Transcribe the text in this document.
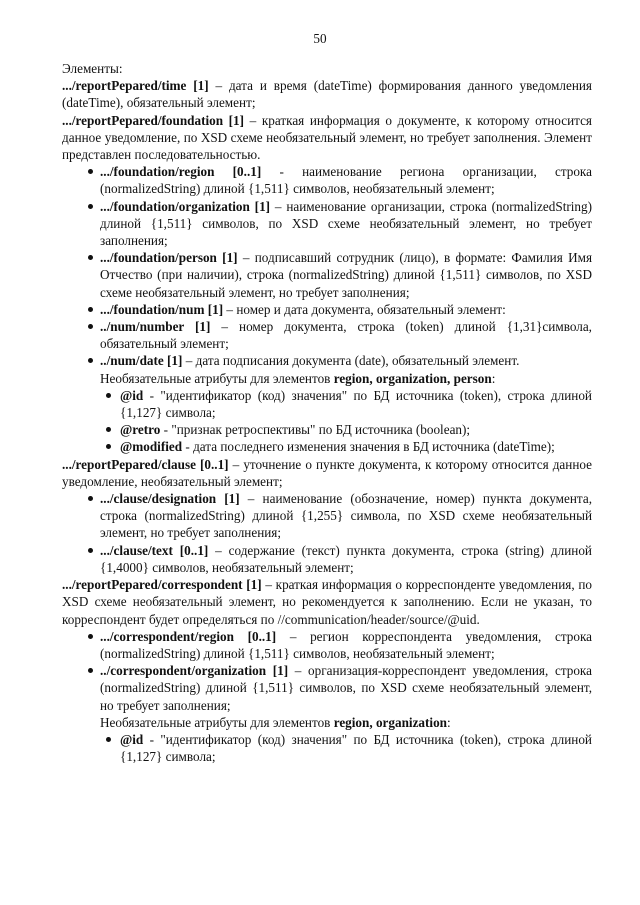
50

Элементы:

.../reportPepared/time [1] – дата и время (dateTime) формирования данного уведомления (dateTime), обязательный элемент;

.../reportPepared/foundation [1] – краткая информация о документе, к которому относится данное уведомление, по XSD схеме необязательный элемент, но требует заполнения. Элемент представлен последовательностью.

.../foundation/region [0..1] - наименование региона организации, строка (normalizedString) длиной {1,511} символов, необязательный элемент;
.../foundation/organization [1] – наименование организации, строка (normalizedString) длиной {1,511} символов, по XSD схеме необязательный элемент, но требует заполнения;
.../foundation/person [1] – подписавший сотрудник (лицо), в формате: Фамилия Имя Отчество (при наличии), строка (normalizedString) длиной {1,511} символов, по XSD схеме необязательный элемент, но требует заполнения;
.../foundation/num [1] – номер и дата документа, обязательный элемент:
../num/number [1] – номер документа, строка (token) длиной {1,31}символа, обязательный элемент;
../num/date [1] – дата подписания документа (date), обязательный элемент.

Необязательные атрибуты для элементов region, organization, person:

@id - "идентификатор (код) значения" по БД источника (token), строка длиной {1,127} символа;
@retro - "признак ретроспективы" по БД источника (boolean);
@modified - дата последнего изменения значения в БД источника (dateTime);

.../reportPepared/clause [0..1] – уточнение о пункте документа, к которому относится данное уведомление, необязательный элемент;

.../clause/designation [1] – наименование (обозначение, номер) пункта документа, строка (normalizedString) длиной {1,255} символа, по XSD схеме необязательный элемент, но требует заполнения;
.../clause/text [0..1] – содержание (текст) пункта документа, строка (string) длиной {1,4000} символов, необязательный элемент;

.../reportPepared/correspondent [1] – краткая информация о корреспонденте уведомления, по XSD схеме необязательный элемент, но рекомендуется к заполнению. Если не указан, то корреспондент будет определяться по //communication/header/source/@uid.

.../correspondent/region [0..1] – регион корреспондента уведомления, строка (normalizedString) длиной {1,511} символов, необязательный элемент;
../correspondent/organization [1] – организация-корреспондент уведомления, строка (normalizedString) длиной {1,511} символов, по XSD схеме необязательный элемент, но требует заполнения;

Необязательные атрибуты для элементов region, organization:

@id - "идентификатор (код) значения" по БД источника (token), строка длиной {1,127} символа;
